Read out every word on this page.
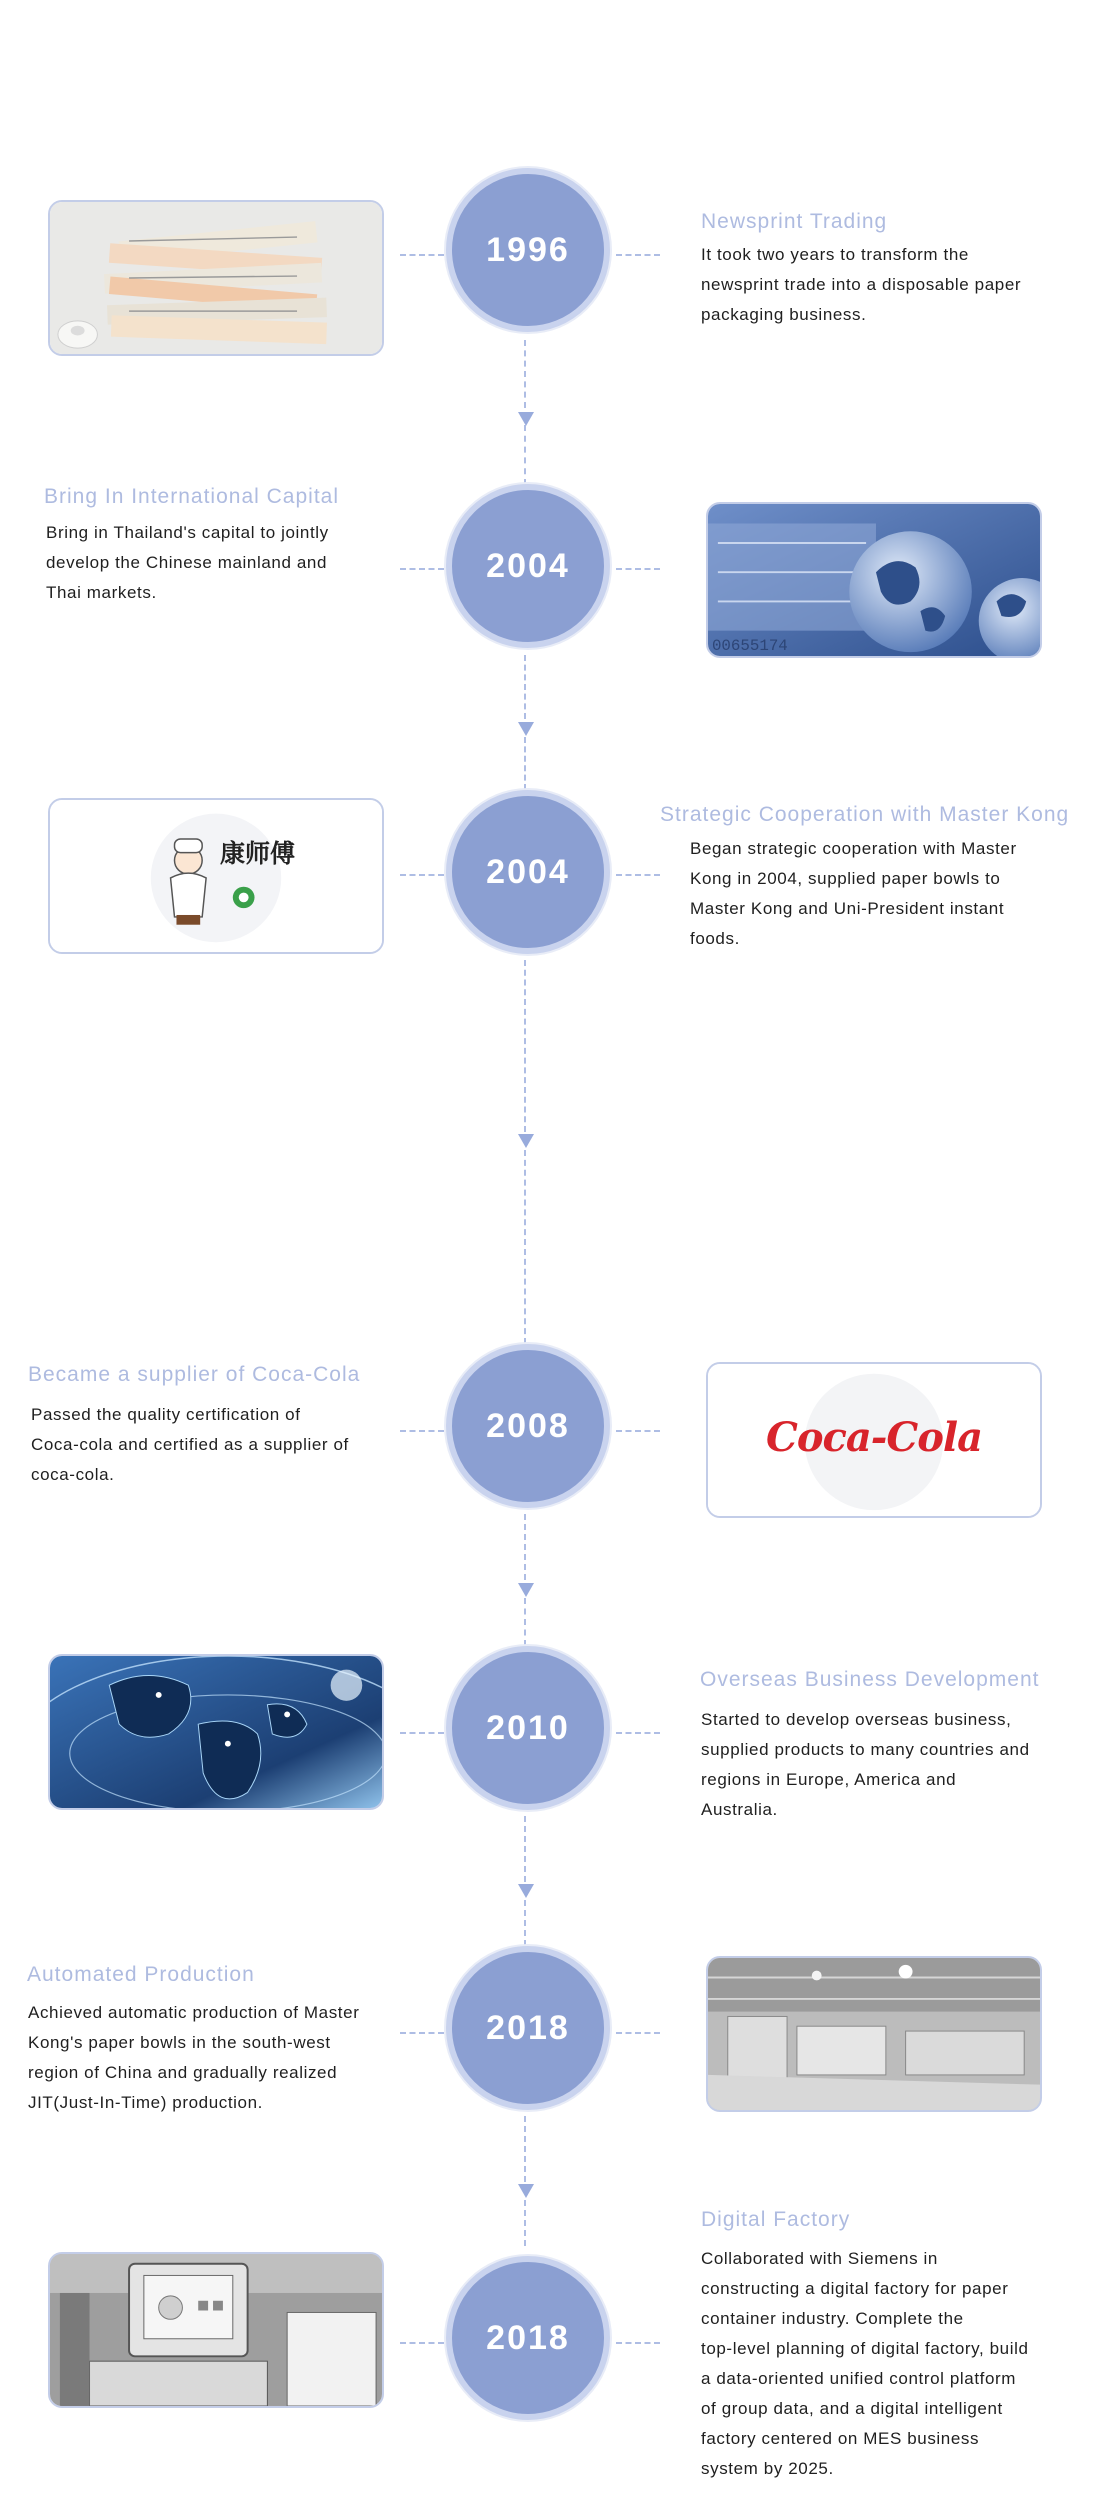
1996
Newsprint Trading
It took two years to transform the
newsprint trade into a disposable paper
packaging business.
Bring In International Capital
Bring in Thailand's capital to jointly
develop the Chinese mainland and
Thai markets.
2004
00655174
康师傅	2004
Strategic Cooperation with Master Kong
Began strategic cooperation with Master
Kong in 2004, supplied paper bowls to
Master Kong and Uni-President instant
foods.
Became a supplier of Coca-Cola
Passed the quality certification of
Coca-cola and certified as a supplier of
coca-cola.
2008	Coca-Cola
2010
Overseas Business Development
Started to develop overseas business,
supplied products to many countries and
regions in Europe, America and
Australia.
Automated Production
Achieved automatic production of Master
Kong's paper bowls in the south-west
region of China and gradually realized
JIT(Just-In-Time) production.
2018
2018
Digital Factory
Collaborated with Siemens in
constructing a digital factory for paper
container industry. Complete the
top-level planning of digital factory, build
a data-oriented unified control platform
of group data, and a digital intelligent
factory centered on MES business
system by 2025.
